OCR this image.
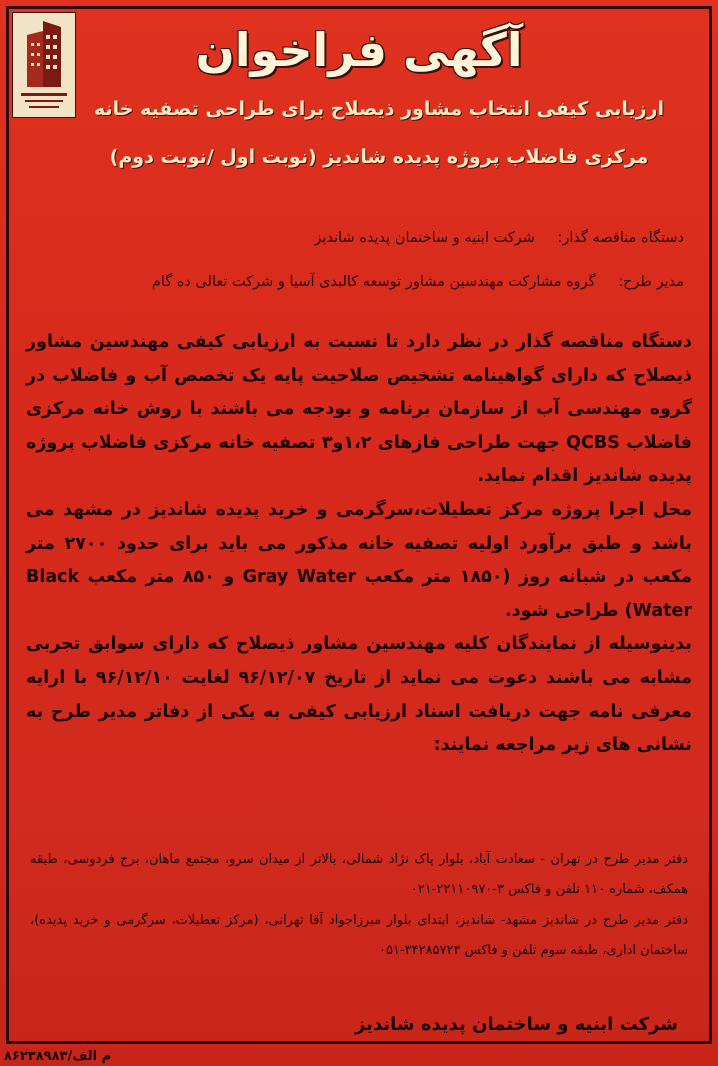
آگهی فراخوان
ارزیابی کیفی انتخاب مشاور ذیصلاح برای طراحی تصفیه خانه
مرکزی فاضلاب پروژه پدیده شاندیز (نوبت اول /نوبت دوم)
دستگاه مناقصه گذار: شرکت ابنیه و ساختمان پدیده شاندیز
مدیر طرح: گروه مشارکت مهندسین مشاور توسعه کالبدی آسیا و شرکت تعالی ده گام

دستگاه مناقصه گذار در نظر دارد تا نسبت به ارزیابی کیفی مهندسین مشاور ذیصلاح که دارای گواهینامه تشخیص صلاحیت پایه یک تخصص آب و فاضلاب در گروه مهندسی آب از سازمان برنامه و بودجه می باشند با روش خانه مرکزی فاضلاب QCBS جهت طراحی فازهای ۱،۲و۳ تصفیه خانه مرکزی فاضلاب پروژه پدیده شاندیز اقدام نماید.

محل اجرا پروژه مرکز تعطیلات،سرگرمی و خرید پدیده شاندیز در مشهد می باشد و طبق برآورد اولیه تصفیه خانه مذکور می باید برای حدود ۲۷۰۰ متر مکعب در شبانه روز (۱۸۵۰ متر مکعب Gray Water و ۸۵۰ متر مکعب Black Water) طراحی شود.

بدینوسیله از نمایندگان کلیه مهندسین مشاور ذیصلاح که دارای سوابق تجربی مشابه می باشند دعوت می نماید از تاریخ ۹۶/۱۲/۰۷ لغایت ۹۶/۱۲/۱۰ با ارایه معرفی نامه جهت دریافت اسناد ارزیابی کیفی به یکی از دفاتر مدیر طرح به نشانی های زیر مراجعه نمایند:

دفتر مدیر طرح در تهران - سعادت آباد، بلوار پاک نژاد شمالی، بالاتر از میدان سرو، مجتمع ماهان، برج فردوسی، طبقه همکف، شماره ۱۱۰ تلفن و فاکس ۳-۲۲۱۱۰۹۷۰-۰۲۱

دفتر مدیر طرح در شاندیز مشهد- شاندیز، ابتدای بلوار میرزاجواد آقا تهرانی، (مرکز تعطیلات، سرگرمی و خرید پدیده)، ساختمان اداری، طبقه سوم تلفن و فاکس ۳۴۲۸۵۷۲۳-۰۵۱

شرکت ابنیه و ساختمان پدیده شاندیز
۸۶۲۳۸۹۸۳/م الف
